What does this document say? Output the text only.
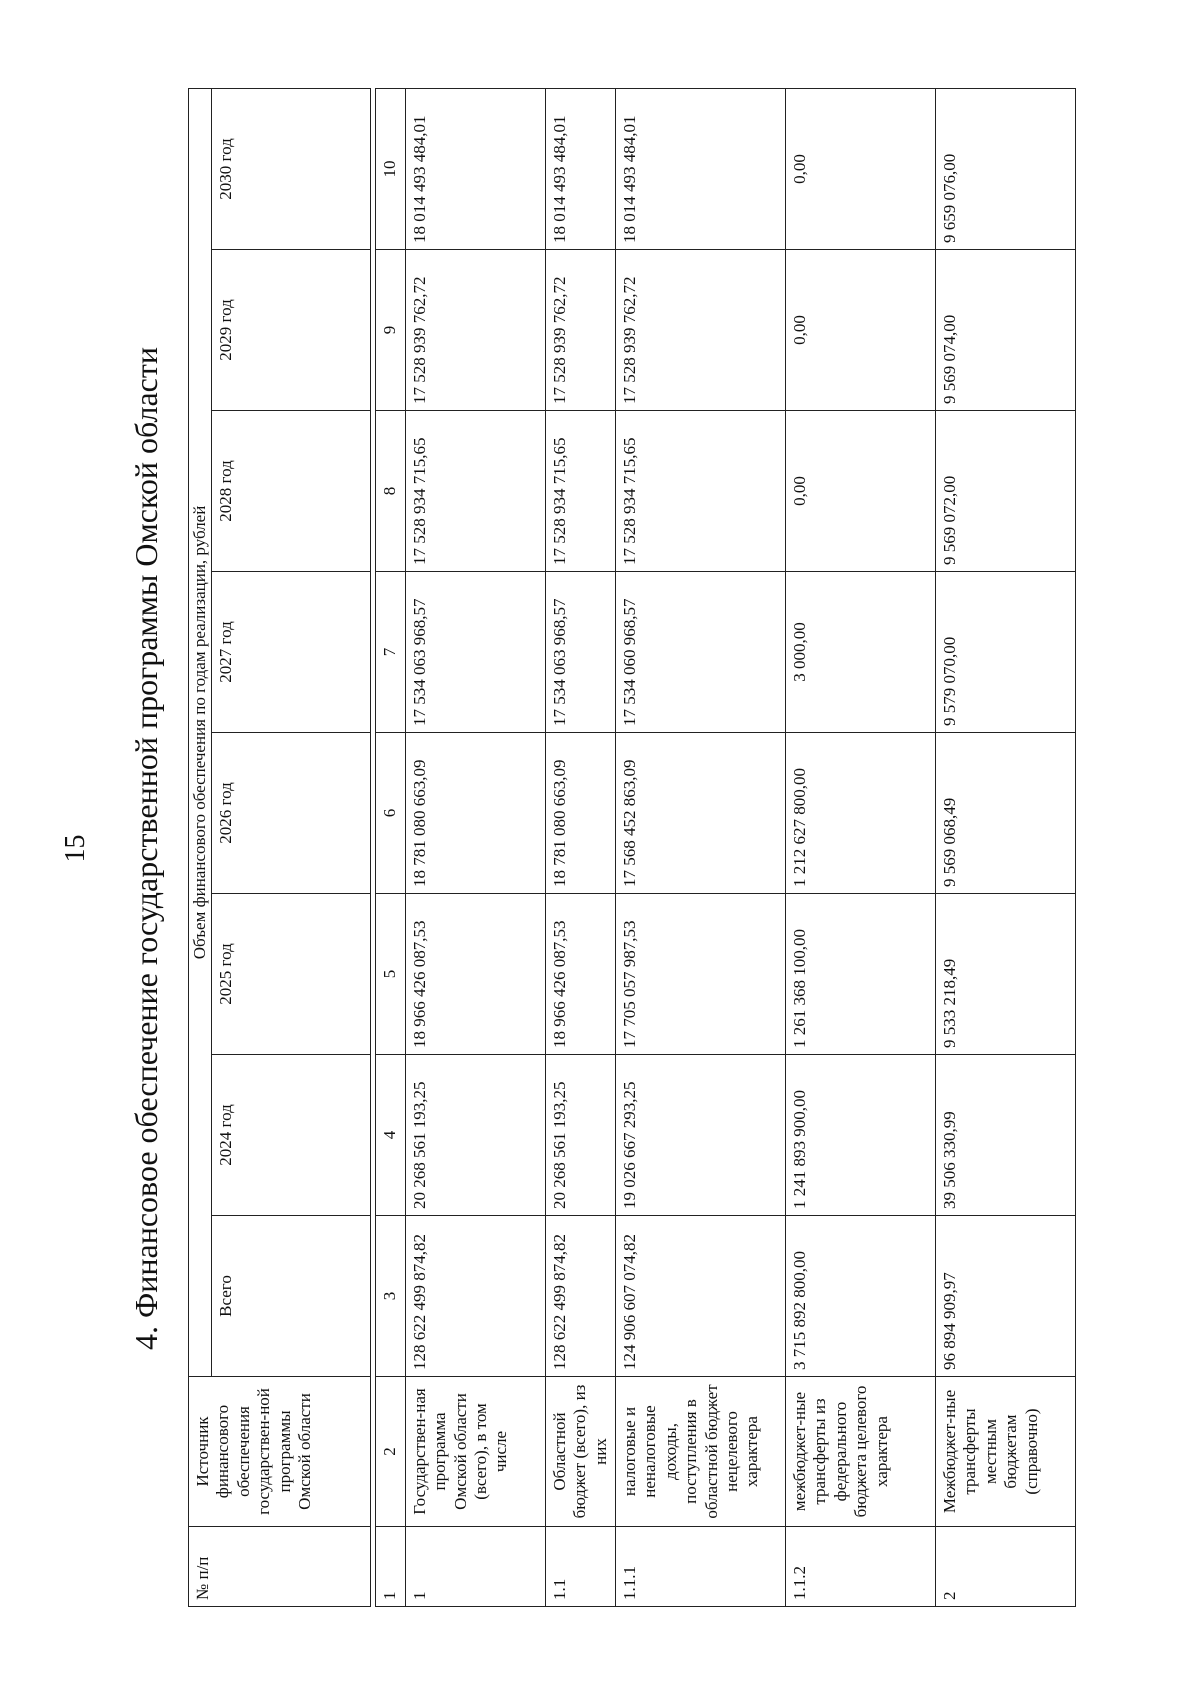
15 4. Финансовое обеспечение государственной программы Омской области
№ п/п	Источник финансового обеспечения государствен-ной программы Омской области	Объем финансового обеспечения по годам реализации, рублей							
		Всего	2024 год	2025 год	2026 год	2027 год	2028 год	2029 год	2030 год

1	2	3	4	5	6	7	8	9	10
1	Государствен-ная программа Омской области (всего), в том числе	128 622 499 874,82	20 268 561 193,25	18 966 426 087,53	18 781 080 663,09	17 534 063 968,57	17 528 934 715,65	17 528 939 762,72	18 014 493 484,01
1.1	Областной бюджет (всего), из них	128 622 499 874,82	20 268 561 193,25	18 966 426 087,53	18 781 080 663,09	17 534 063 968,57	17 528 934 715,65	17 528 939 762,72	18 014 493 484,01
1.1.1	налоговые и неналоговые доходы, поступления в областной бюджет нецелевого характера	124 906 607 074,82	19 026 667 293,25	17 705 057 987,53	17 568 452 863,09	17 534 060 968,57	17 528 934 715,65	17 528 939 762,72	18 014 493 484,01
1.1.2	межбюджет-ные трансферты из федерального бюджета целевого характера	3 715 892 800,00	1 241 893 900,00	1 261 368 100,00	1 212 627 800,00	3 000,00	0,00	0,00	0,00
2	Межбюджет-ные трансферты местным бюджетам (справочно)	96 894 909,97	39 506 330,99	9 533 218,49	9 569 068,49	9 579 070,00	9 569 072,00	9 569 074,00	9 659 076,00
